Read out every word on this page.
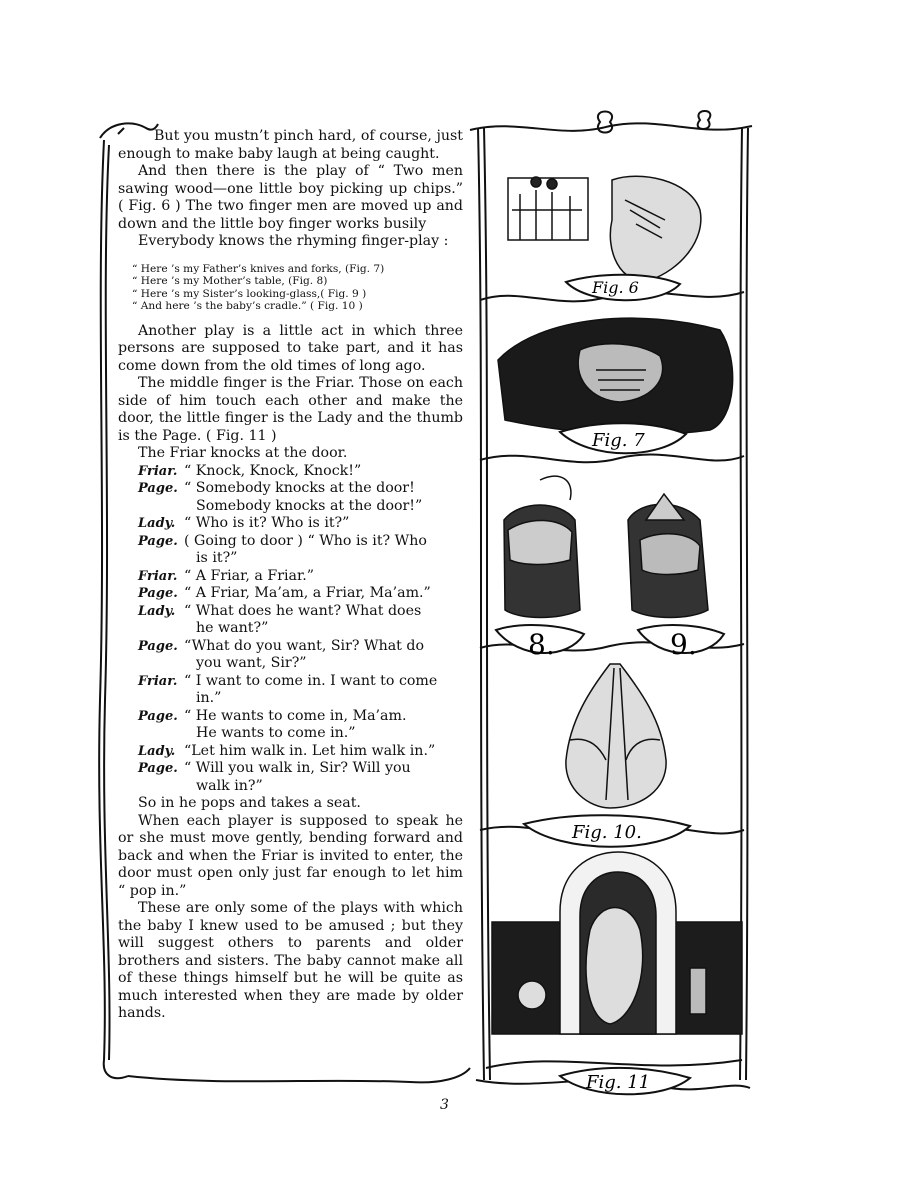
Fig. 6
Fig. 7
8.	9.
Fig. 10.
Fig. 11

But you mustn’t pinch hard, of course, just enough to make baby laugh at being caught.

And then there is the play of “ Two men sawing wood—one little boy picking up chips.” ( Fig. 6 ) The two finger men are moved up and down and the little boy finger works busily

Everybody knows the rhyming finger-play :

“ Here ’s my Father’s knives and forks, (Fig. 7)
“ Here ’s my Mother’s table, (Fig. 8)
“ Here ’s my Sister’s looking-glass,( Fig. 9 )
“ And here ’s the baby’s cradle.” ( Fig. 10 )

Another play is a little act in which three persons are supposed to take part, and it has come down from the old times of long ago.

The middle finger is the Friar. Those on each side of him touch each other and make the door, the little finger is the Lady and the thumb is the Page. ( Fig. 11 )

The Friar knocks at the door.

Friar. “ Knock, Knock, Knock!”
Page. “ Somebody knocks at the door!
Somebody knocks at the door!”
Lady. “ Who is it? Who is it?”
Page. ( Going to door ) “ Who is it? Who
is it?”
Friar. “ A Friar, a Friar.”
Page. “ A Friar, Ma’am, a Friar, Ma’am.”
Lady. “ What does he want? What does
he want?”
Page. “What do you want, Sir? What do
you want, Sir?”
Friar. “ I want to come in. I want to come
in.”
Page. “ He wants to come in, Ma’am.
He wants to come in.”
Lady. “Let him walk in. Let him walk in.”
Page. “ Will you walk in, Sir? Will you
walk in?”

So in he pops and takes a seat.

When each player is supposed to speak he or she must move gently, bending forward and back and when the Friar is invited to enter, the door must open only just far enough to let him “ pop in.”

These are only some of the plays with which the baby I knew used to be amused ; but they will suggest others to parents and older brothers and sisters. The baby cannot make all of these things himself but he will be quite as much interested when they are made by older hands.

3
